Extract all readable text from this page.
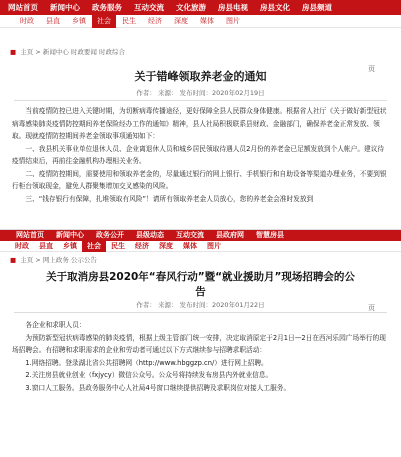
网站首页	新闻中心	政务服务	互动交流	文化旅游	房县电视	房县文化	房县频道
时政	县直	乡镇	社会	民生	经济	深度	媒体	图片
■ 主页 > 新闻中心 时政要闻 时政综合
关于错峰领取养老金的通知
页
作者： 来源： 发布时间：2020年02月19日

当前疫情防控已进入关键时期，为切断病毒传播途径，更好保障全县人民群众身体健康。根据省人社厅《关于做好新型冠状病毒感染肺炎疫情防控期间养老保险经办工作的通知》精神，县人社局积极联系县财政、金融部门，确保养老金正常发放、领取。现就疫情防控期间养老金领取事项通知如下：

一、我县机关事业单位退休人员、企业离退休人员和城乡居民领取待遇人员2月份的养老金已足额发放到个人帐户。建议待疫情结束后，再前往金融机构办理相关业务。

二、疫情防控期间，需要使用和领取养老金的，尽量通过银行的网上银行、手机银行和自助设备等渠道办理业务，不要到银行柜台领取现金，避免人群聚集增加交叉感染的风险。

三、“钱存银行有保障，扎堆领取有风险”！请所有领取养老金人员放心，您的养老金会准时发放到

网站首页	新闻中心	政务公开	县级动态	互动交流	县政府网	智慧房县
时政	县直	乡镇	社会	民生	经济	深度	媒体	图片
■ 主页 > 网上政务 公示公告
关于取消房县2020年“春风行动”暨“就业援助月”现场招聘会的公
告
页
作者： 来源： 发布时间：2020年01月22日

各企业和求职人员：

为预防新型冠状病毒感染的肺炎疫情，根据上级主管部门统一安排，决定取消原定于2月1日—2日在西河乐园广场举行的现场招聘会。有招聘和求职需求的企业和劳动者可通过以下方式继续参与招聘求职活动：

1.网络招聘。登录湖北省公共招聘网（http://www.hbggzp.cn/）进行网上招聘。

2.关注房县就业创业（fxjycy）微信公众号。公众号将持续发布房县内外就业信息。

3.窗口人工服务。县政务服务中心人社局4号窗口继续提供招聘及求职岗位对接人工服务。
